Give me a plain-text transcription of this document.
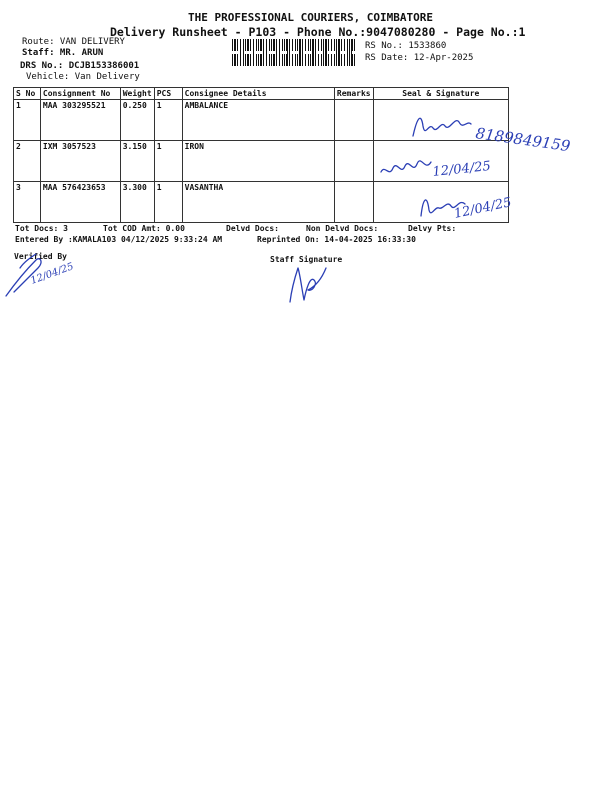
THE PROFESSIONAL COURIERS, COIMBATORE
Delivery Runsheet - P103 - Phone No.:9047080280 - Page No.:1
Route: VAN DELIVERY
Staff: MR. ARUN
DRS No.: DCJB153386001
Vehicle: Van Delivery
RS No.: 1533860
RS Date: 12-Apr-2025
S No	Consignment No	Weight	PCS	Consignee Details	Remarks	Seal & Signature
1	MAA 303295521	0.250	1	AMBALANCE		
2	IXM 3057523	3.150	1	IRON		
3	MAA 576423653	3.300	1	VASANTHA		
8189849159
12/04/25
12/04/25
Tot Docs: 3	Tot COD Amt: 0.00	Delvd Docs:	Non Delvd Docs:	Delvy Pts:
Entered By :KAMALA103 04/12/2025 9:33:24 AM	Reprinted On: 14-04-2025 16:33:30
Verified By	Staff Signature
12/04/25
